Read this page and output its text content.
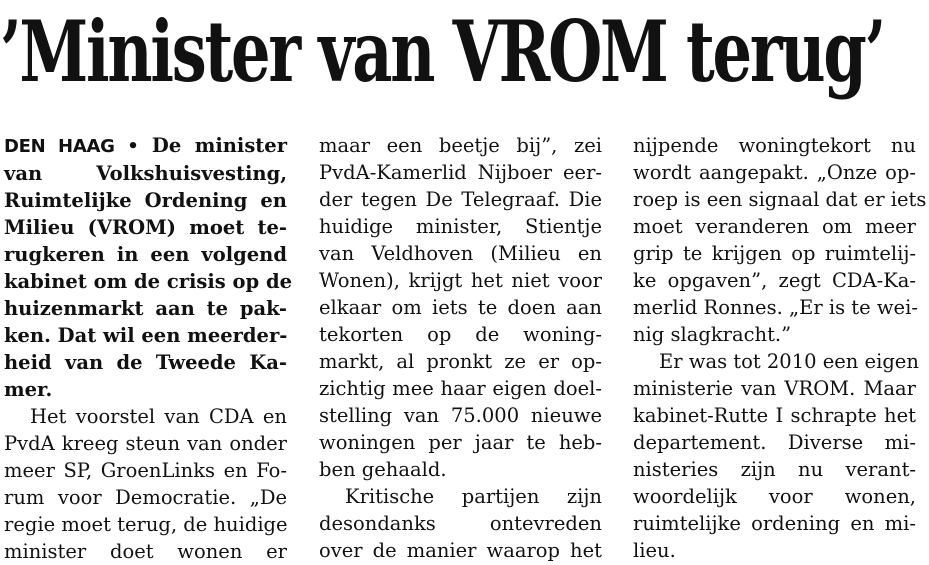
’Minister van VROM terug’

DEN HAAG • De minister
van Volkshuisvesting,
Ruimtelijke Ordening en
Milieu (VROM) moet te-
rugkeren in een volgend
kabinet om de crisis op de
huizenmarkt aan te pak-
ken. Dat wil een meerder-
heid van de Tweede Ka-
mer.

Het voorstel van CDA en

PvdA kreeg steun van onder
meer SP, GroenLinks en Fo-
rum voor Democratie. „De
regie moet terug, de huidige
minister doet wonen er

maar een beetje bij”, zei
PvdA-Kamerlid Nijboer eer-
der tegen De Telegraaf. Die
huidige minister, Stientje
van Veldhoven (Milieu en
Wonen), krijgt het niet voor
elkaar om iets te doen aan
tekorten op de woning-
markt, al pronkt ze er op-
zichtig mee haar eigen doel-
stelling van 75.000 nieuwe
woningen per jaar te heb-
ben gehaald.

Kritische partijen zijn

desondanks ontevreden
over de manier waarop het

nijpende woningtekort nu
wordt aangepakt. „Onze op-
roep is een signaal dat er iets
moet veranderen om meer
grip te krijgen op ruimtelij-
ke opgaven”, zegt CDA-Ka-
merlid Ronnes. „Er is te wei-
nig slagkracht.”

Er was tot 2010 een eigen

ministerie van VROM. Maar
kabinet-Rutte I schrapte het
departement. Diverse mi-
nisteries zijn nu verant-
woordelijk voor wonen,
ruimtelijke ordening en mi-
lieu.
